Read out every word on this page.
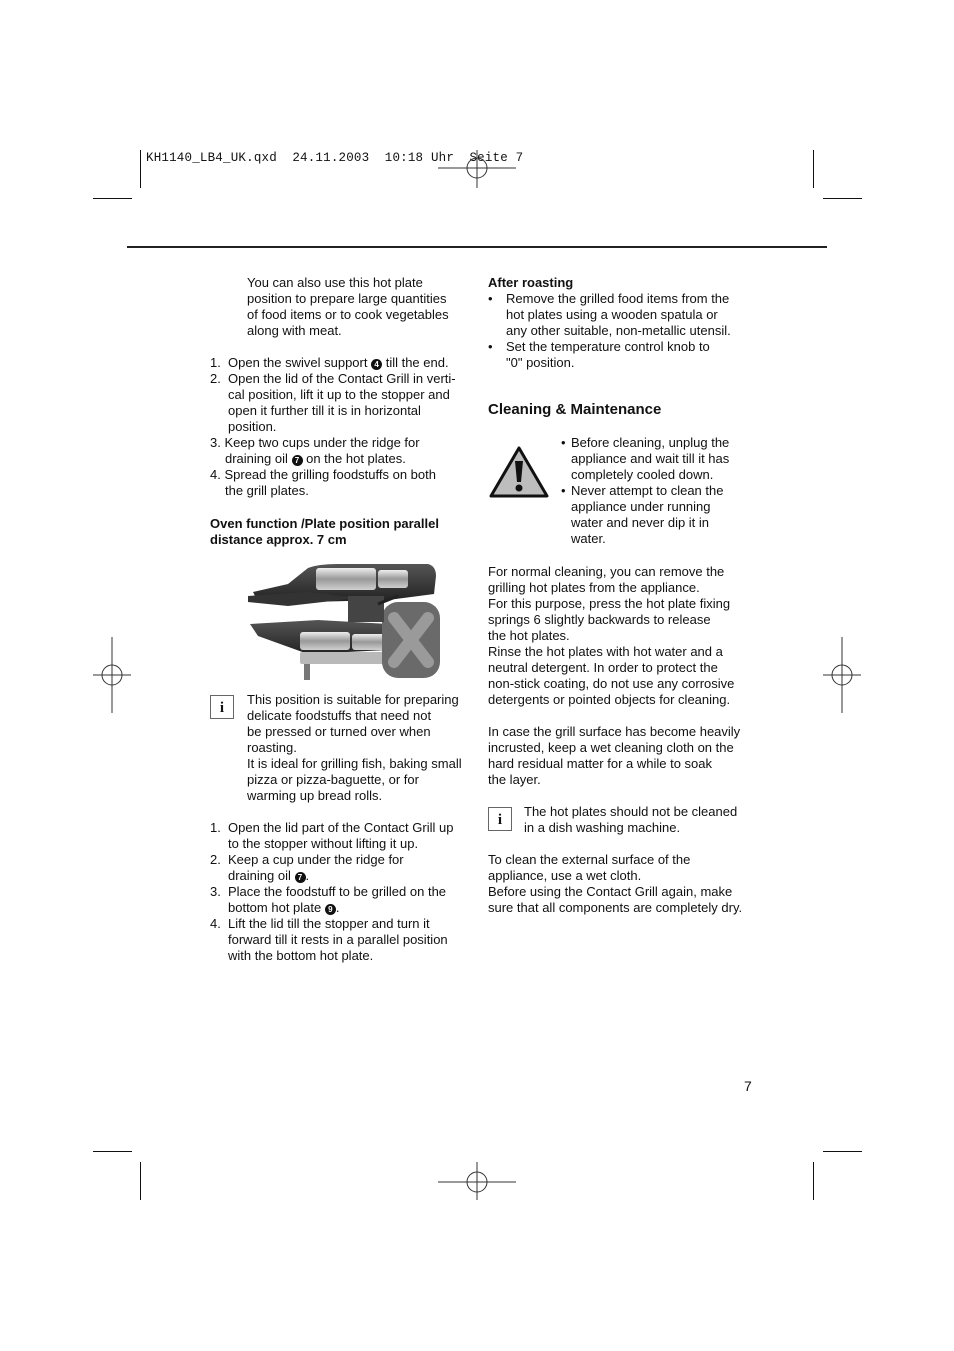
KH1140_LB4_UK.qxd  24.11.2003  10:18 Uhr  Seite 7

You can also use this hot plate

position to prepare large quantities

of food items or to cook vegetables

along with meat.

1. Open the swivel support 4 till the end.
2. Open the lid of the Contact Grill in verti-

cal position, lift it up to the stopper and

open it further till it is in horizontal

position.

3. Keep two cups under the ridge for

draining oil 7 on the hot plates.

4. Spread the grilling foodstuffs on both

the grill plates.

Oven function /Plate position parallel

distance approx. 7 cm

i

This position is suitable for preparing

delicate foodstuffs that need not

be pressed or turned over when

roasting.

It is ideal for grilling fish, baking small

pizza or pizza-baguette, or for

warming up bread rolls.

1. Open the lid part of the Contact Grill up

to the stopper without lifting it up.

2. Keep a cup under the ridge for

draining oil 7 .

3. Place the foodstuff to be grilled on the

bottom hot plate 9 .

4. Lift the lid till the stopper and turn it

forward till it rests in a parallel position

with the bottom hot plate.

After roasting

•	Remove the grilled food items from the

hot plates using a wooden spatula or

any other suitable, non-metallic utensil.

•	Set the temperature control knob to

"0" position.

Cleaning & Maintenance
• Before cleaning, unplug the

appliance and wait till it has

completely cooled down.

• Never attempt to clean the

appliance under running

water and never dip it in

water.

For normal cleaning, you can remove the

grilling hot plates from the appliance.

For this purpose, press the hot plate fixing

springs 6 slightly backwards to release

the hot plates.

Rinse the hot plates with hot water and a

neutral detergent. In order to protect the

non-stick coating, do not use any corrosive

detergents or pointed objects for cleaning.

In case the grill surface has become heavily

incrusted, keep a wet cleaning cloth on the

hard residual matter for a while to soak

the layer.

i

The hot plates should not be cleaned

in a dish washing machine.

To clean the external surface of the

appliance, use a wet cloth.

Before using the Contact Grill again, make

sure that all components are completely dry.

7
